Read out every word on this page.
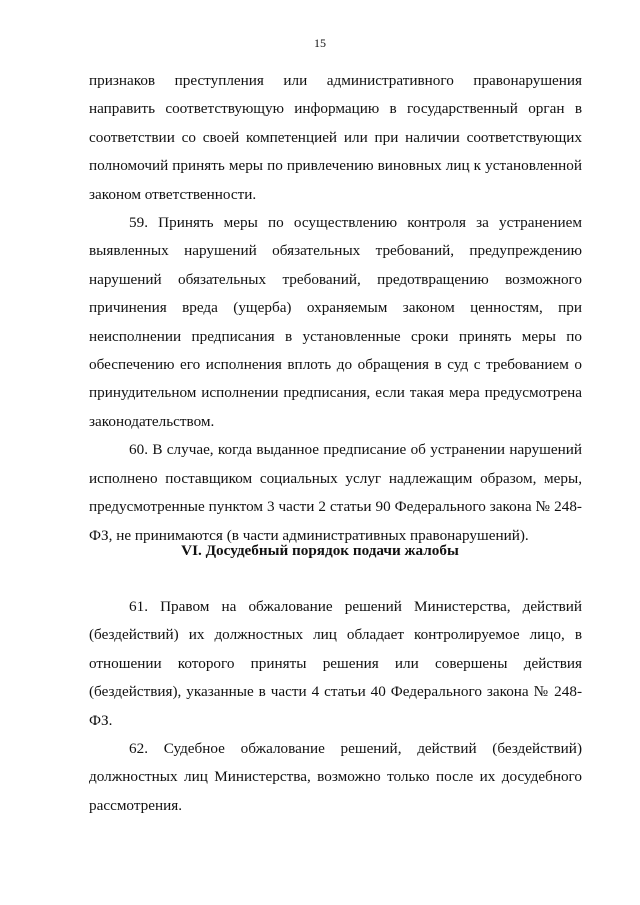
15

признаков преступления или административного правонарушения направить соответствующую информацию в государственный орган в соответствии со своей компетенцией или при наличии соответствующих полномочий принять меры по привлечению виновных лиц к установленной законом ответственности.

59. Принять меры по осуществлению контроля за устранением выявленных нарушений обязательных требований, предупреждению нарушений обязательных требований, предотвращению возможного причинения вреда (ущерба) охраняемым законом ценностям, при неисполнении предписания в установленные сроки принять меры по обеспечению его исполнения вплоть до обращения в суд с требованием о принудительном исполнении предписания, если такая мера предусмотрена законодательством.

60. В случае, когда выданное предписание об устранении нарушений исполнено поставщиком социальных услуг надлежащим образом, меры, предусмотренные пунктом 3 части 2 статьи 90 Федерального закона № 248-ФЗ, не принимаются (в части административных правонарушений).

VI. Досудебный порядок подачи жалобы

61. Правом на обжалование решений Министерства, действий (бездействий) их должностных лиц обладает контролируемое лицо, в отношении которого приняты решения или совершены действия (бездействия), указанные в части 4 статьи 40 Федерального закона № 248-ФЗ.

62. Судебное обжалование решений, действий (бездействий) должностных лиц Министерства, возможно только после их досудебного рассмотрения.
